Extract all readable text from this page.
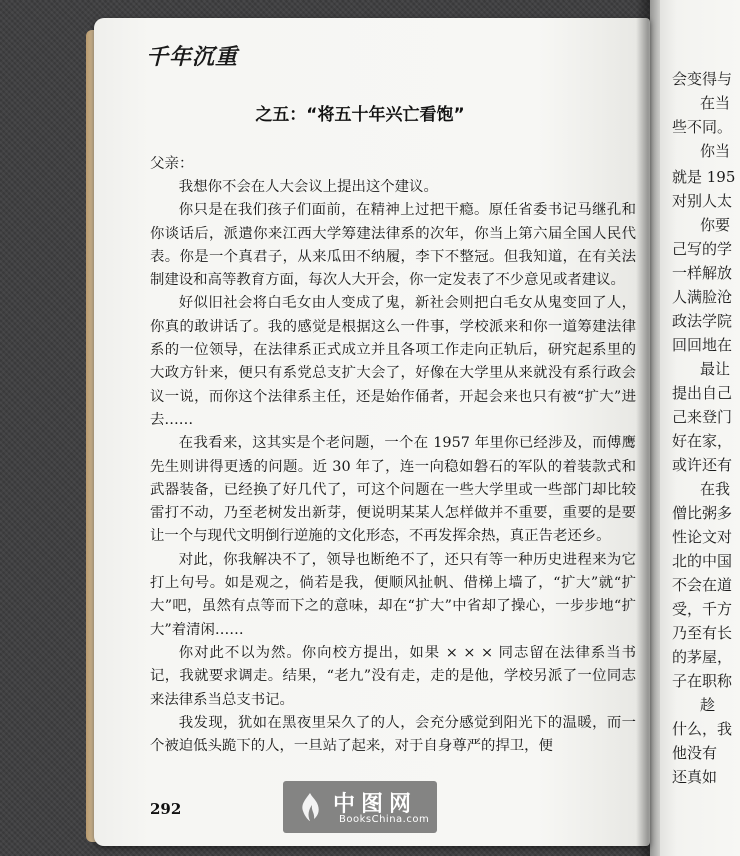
会变得与
在当
些不同。
你当
就是 195
对别人太
你要
己写的学
一样解放
人满脸沧
政法学院
回回地在
最让
提出自己
己来登门
好在家，
或许还有
在我
僧比粥多
性论文对
北的中国
不会在道
受，千方
乃至有长
的茅屋，
子在职称
趁
什么，我
他没有
还真如
千年沉重
之五：“将五十年兴亡看饱”
父亲：

我想你不会在人大会议上提出这个建议。

你只是在我们孩子们面前，在精神上过把干瘾。原任省委书记马继孔和你谈话后，派遣你来江西大学筹建法律系的次年，你当上第六届全国人民代表。你是一个真君子，从来瓜田不纳履，李下不整冠。但我知道，在有关法制建设和高等教育方面，每次人大开会，你一定发表了不少意见或者建议。

好似旧社会将白毛女由人变成了鬼，新社会则把白毛女从鬼变回了人，你真的敢讲话了。我的感觉是根据这么一件事，学校派来和你一道筹建法律系的一位领导，在法律系正式成立并且各项工作走向正轨后，研究起系里的大政方针来，便只有系党总支扩大会了，好像在大学里从来就没有系行政会议一说，而你这个法律系主任，还是始作俑者，开起会来也只有被“扩大”进去……

在我看来，这其实是个老问题，一个在 1957 年里你已经涉及，而傅鹰先生则讲得更透的问题。近 30 年了，连一向稳如磐石的军队的着装款式和武器装备，已经换了好几代了，可这个问题在一些大学里或一些部门却比较雷打不动，乃至老树发出新芽，便说明某某人怎样做并不重要，重要的是要让一个与现代文明倒行逆施的文化形态，不再发挥余热，真正告老还乡。

对此，你我解决不了，领导也断绝不了，还只有等一种历史进程来为它打上句号。如是观之，倘若是我，便顺风扯帆、借梯上墙了，“扩大”就“扩大”吧，虽然有点等而下之的意味，却在“扩大”中省却了操心，一步步地“扩大”着清闲……

你对此不以为然。你向校方提出，如果 × × × 同志留在法律系当书记，我就要求调走。结果，“老九”没有走，走的是他，学校另派了一位同志来法律系当总支书记。

我发现，犹如在黑夜里呆久了的人，会充分感觉到阳光下的温暖，而一个被迫低头跪下的人，一旦站了起来，对于自身尊严的捍卫，便

292	中图网
BooksChina.com
